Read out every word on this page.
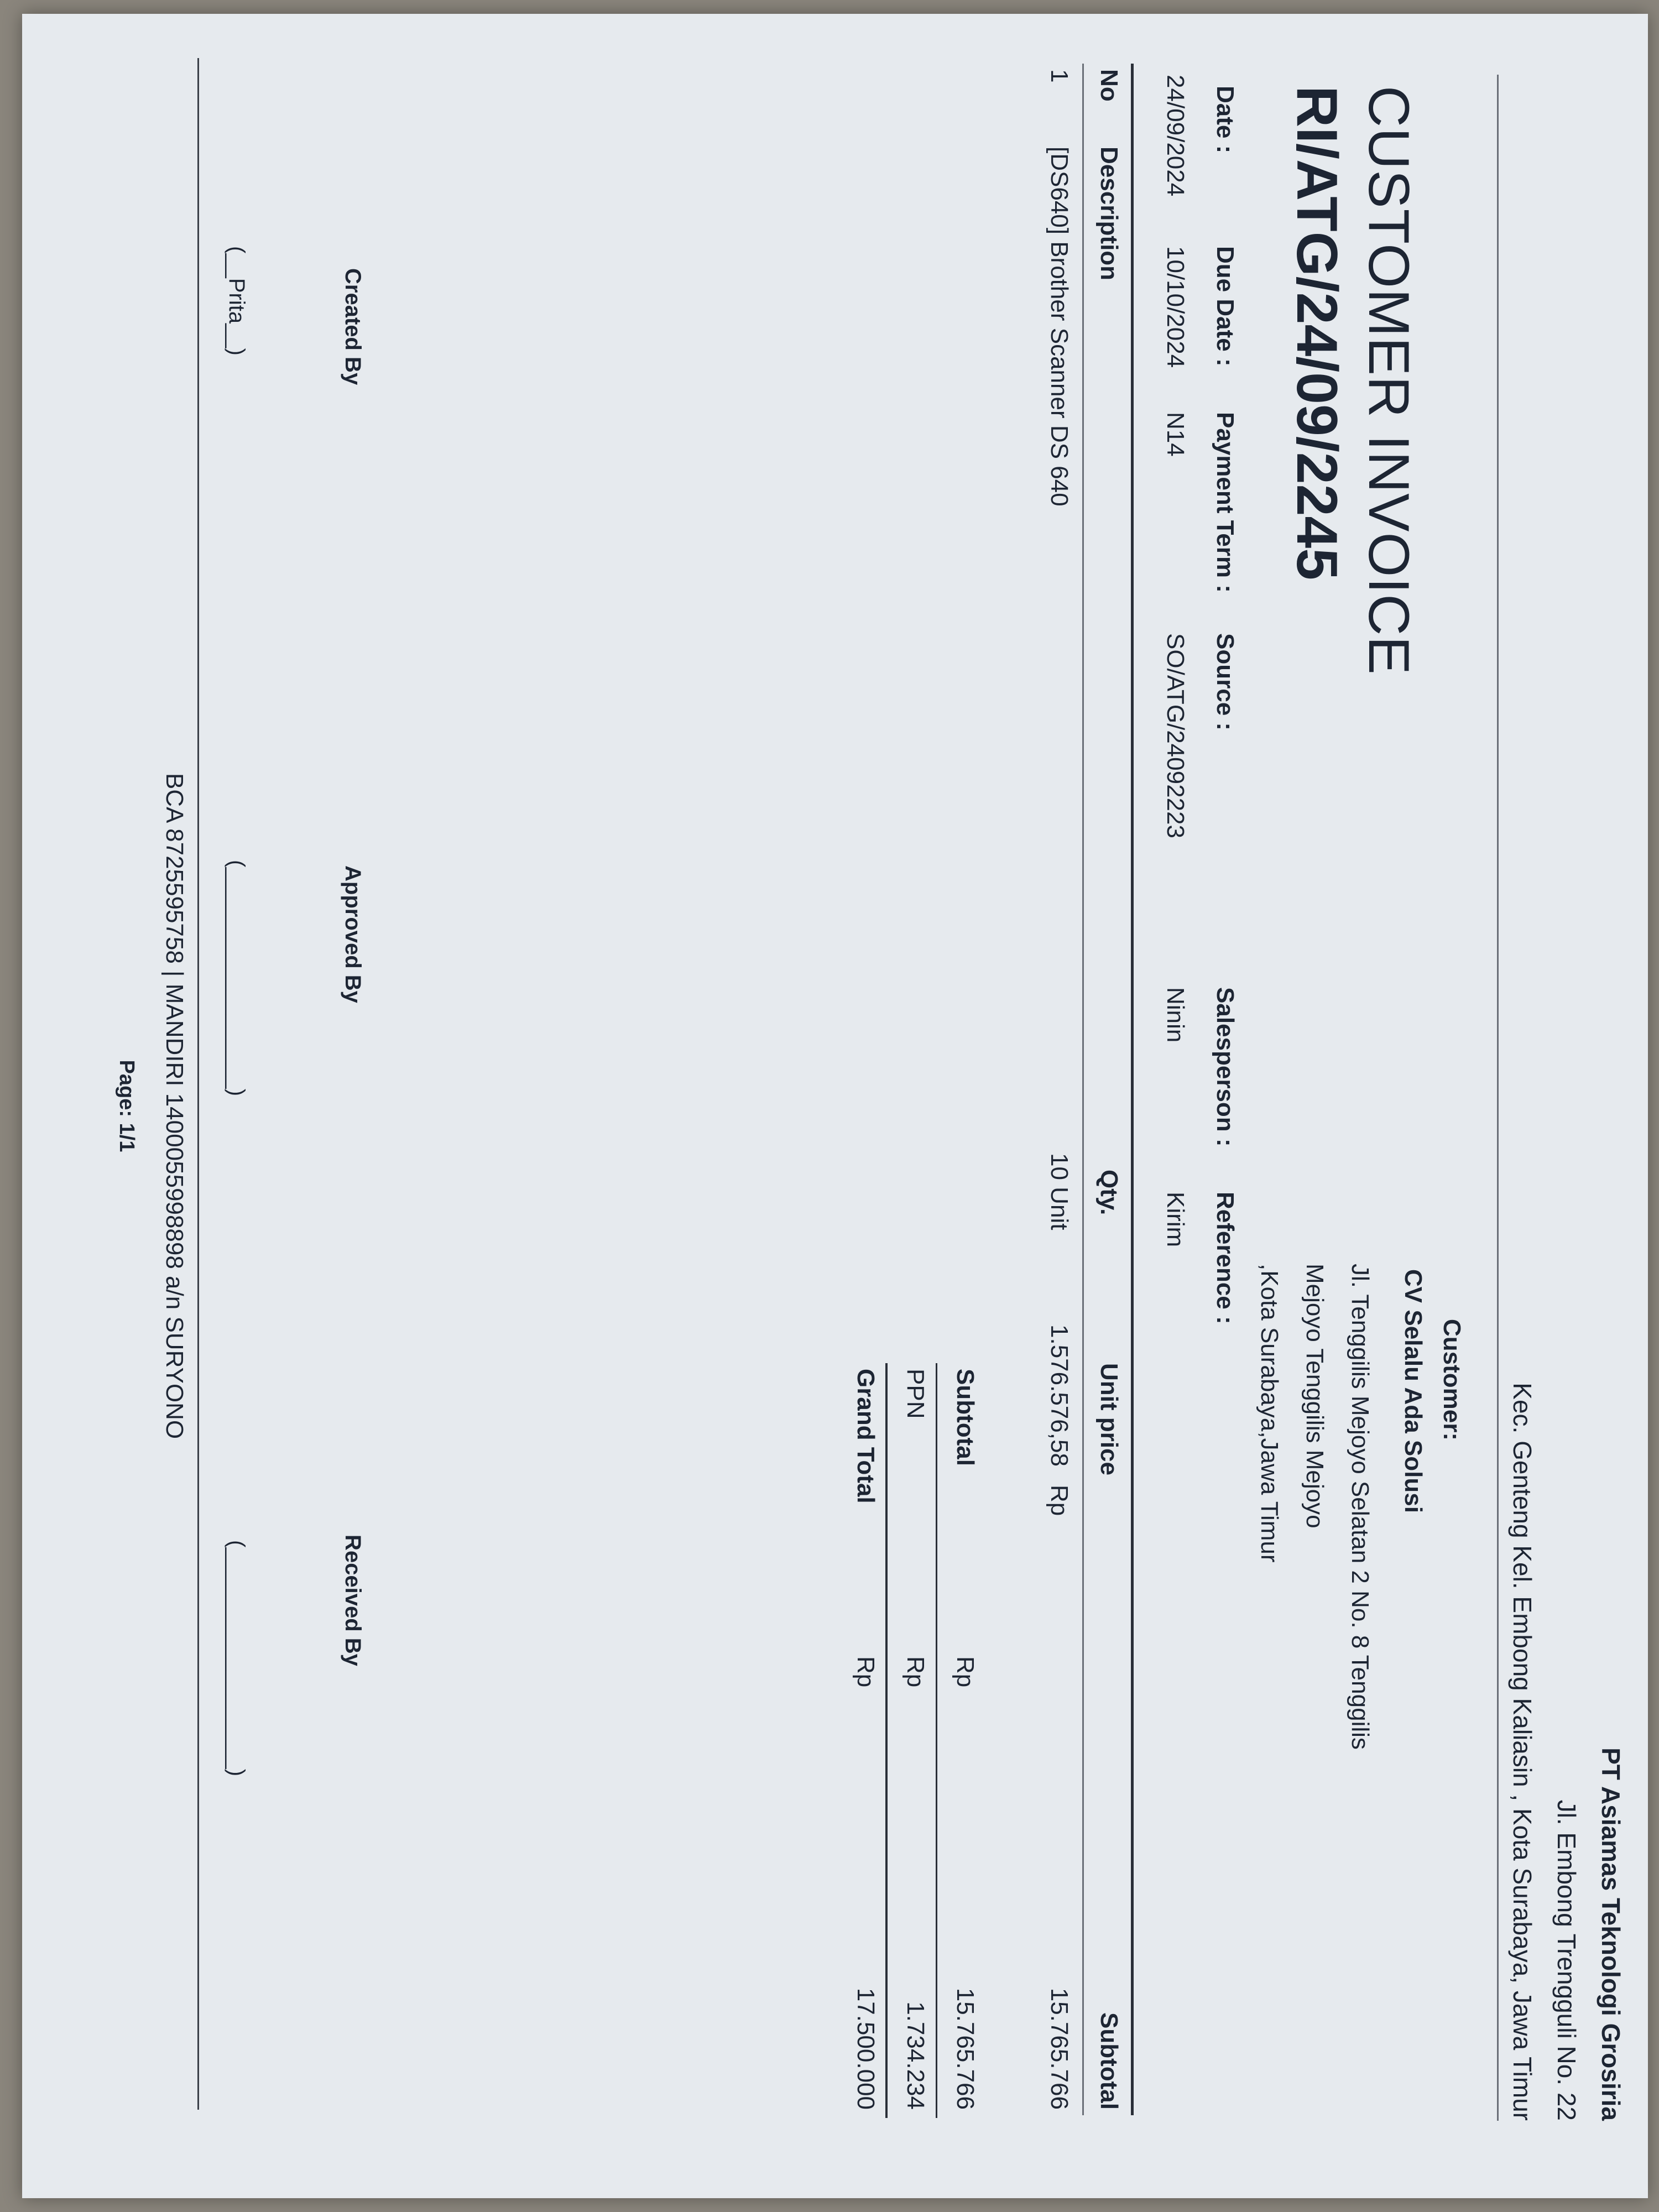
PT Asiamas Teknologi Grosiria
Jl. Embong Trengguli No. 22
Kec. Genteng Kel. Embong Kaliasin , Kota Surabaya, Jawa Timur
Customer:
CV Selalu Ada Solusi
Jl. Tenggilis Mejoyo Selatan 2 No. 8 Tenggilis
Mejoyo Tenggilis Mejoyo
,Kota Surabaya,Jawa Timur
CUSTOMER INVOICE
RI/ATG/24/09/2245
Date :
Due Date :
Payment Term :
Source :
Salesperson :
Reference :
24/09/2024
10/10/2024
N14
SO/ATG/24092223
Ninin
Kirim
No
Description
Qty.
Unit price
Subtotal
1
[DS640] Brother Scanner DS 640
10 Unit
1.576.576,58
Rp
15.765.766
Subtotal
Rp
15.765.766
PPN
Rp
1.734.234
Grand Total
Rp
17.500.000
Created By
Approved By
Received By
(__Prita__)
(__________________)
(__________________)
BCA 8725595758 | MANDIRI 1400055998898 a/n SURYONO
Page: 1/1
